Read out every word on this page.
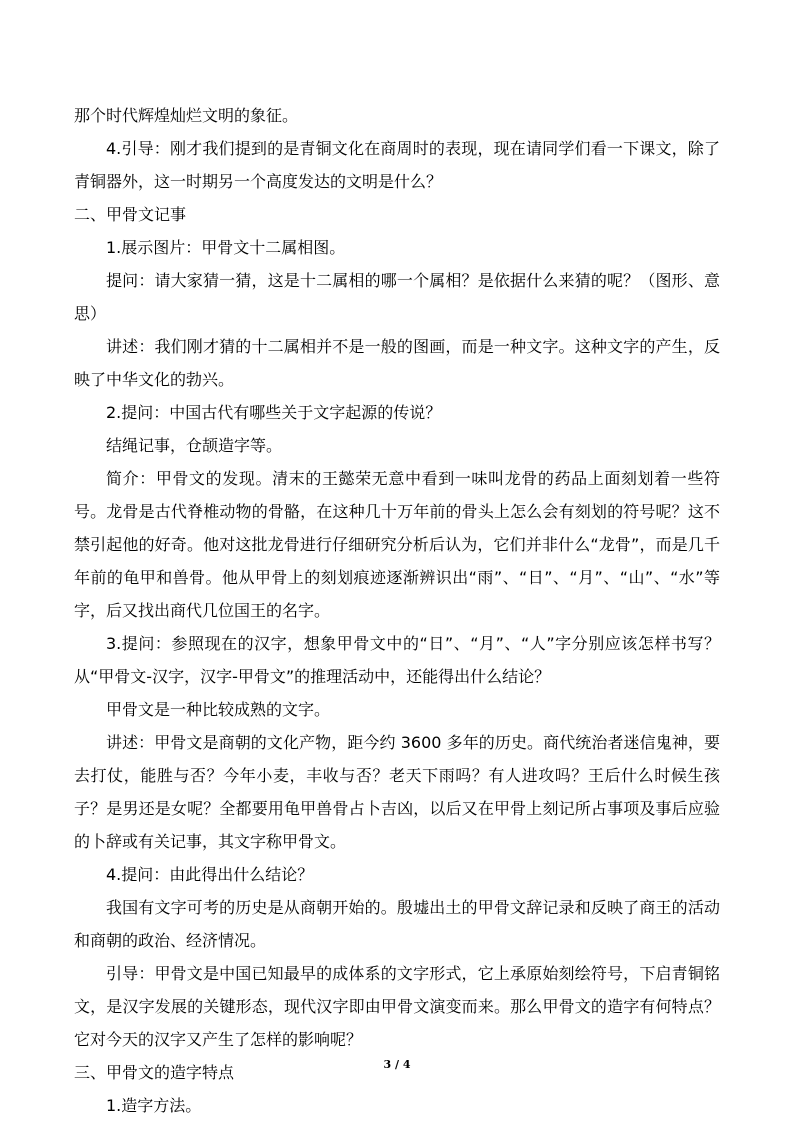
那个时代辉煌灿烂文明的象征。

4.引导：刚才我们提到的是青铜文化在商周时的表现，现在请同学们看一下课文，除了青铜器外，这一时期另一个高度发达的文明是什么？

二、甲骨文记事

1.展示图片：甲骨文十二属相图。

提问：请大家猜一猜，这是十二属相的哪一个属相？是依据什么来猜的呢？（图形、意思）

讲述：我们刚才猜的十二属相并不是一般的图画，而是一种文字。这种文字的产生，反映了中华文化的勃兴。

2.提问：中国古代有哪些关于文字起源的传说？

结绳记事，仓颉造字等。

简介：甲骨文的发现。清末的王懿荣无意中看到一味叫龙骨的药品上面刻划着一些符号。龙骨是古代脊椎动物的骨骼，在这种几十万年前的骨头上怎么会有刻划的符号呢？这不禁引起他的好奇。他对这批龙骨进行仔细研究分析后认为，它们并非什么“龙骨”，而是几千年前的龟甲和兽骨。他从甲骨上的刻划痕迹逐渐辨识出“雨”、“日”、“月”、“山”、“水”等字，后又找出商代几位国王的名字。

3.提问：参照现在的汉字，想象甲骨文中的“日”、“月”、“人”字分别应该怎样书写？从“甲骨文-汉字，汉字-甲骨文”的推理活动中，还能得出什么结论？

甲骨文是一种比较成熟的文字。

讲述：甲骨文是商朝的文化产物，距今约 3600 多年的历史。商代统治者迷信鬼神，要去打仗，能胜与否？今年小麦，丰收与否？老天下雨吗？有人进攻吗？王后什么时候生孩子？是男还是女呢？全都要用龟甲兽骨占卜吉凶，以后又在甲骨上刻记所占事项及事后应验的卜辞或有关记事，其文字称甲骨文。

4.提问：由此得出什么结论？

我国有文字可考的历史是从商朝开始的。殷墟出土的甲骨文辞记录和反映了商王的活动和商朝的政治、经济情况。

引导：甲骨文是中国已知最早的成体系的文字形式，它上承原始刻绘符号，下启青铜铭文，是汉字发展的关键形态，现代汉字即由甲骨文演变而来。那么甲骨文的造字有何特点？它对今天的汉字又产生了怎样的影响呢？

三、甲骨文的造字特点

1.造字方法。

3 / 4
